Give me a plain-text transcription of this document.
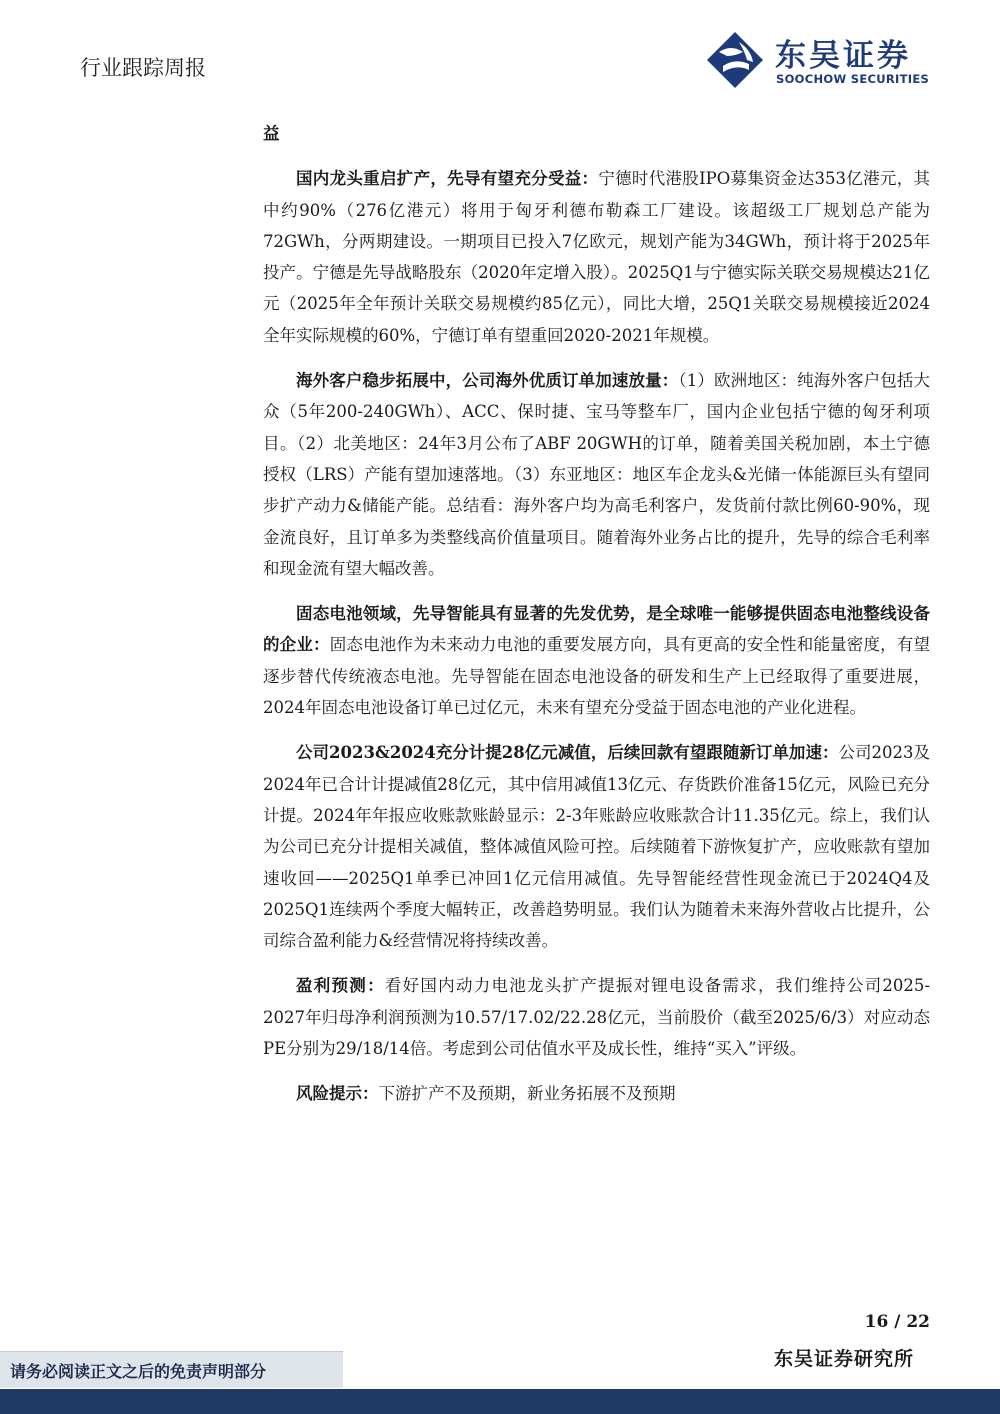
行业跟踪周报	东吴证券
SOOCHOW SECURITIES

益

国内龙头重启扩产，先导有望充分受益：宁德时代港股IPO募集资金达353亿港元，其中约90%（276亿港元）将用于匈牙利德布勒森工厂建设。该超级工厂规划总产能为72GWh，分两期建设。一期项目已投入7亿欧元，规划产能为34GWh，预计将于2025年投产。宁德是先导战略股东（2020年定增入股）。2025Q1与宁德实际关联交易规模达21亿元（2025年全年预计关联交易规模约85亿元），同比大增，25Q1关联交易规模接近2024全年实际规模的60%，宁德订单有望重回2020-2021年规模。

海外客户稳步拓展中，公司海外优质订单加速放量：（1）欧洲地区：纯海外客户包括大众（5年200-240GWh）、ACC、保时捷、宝马等整车厂，国内企业包括宁德的匈牙利项目。（2）北美地区：24年3月公布了ABF 20GWH的订单，随着美国关税加剧，本土宁德授权（LRS）产能有望加速落地。（3）东亚地区：地区车企龙头&光储一体能源巨头有望同步扩产动力&储能产能。总结看：海外客户均为高毛利客户，发货前付款比例60-90%，现金流良好，且订单多为类整线高价值量项目。随着海外业务占比的提升，先导的综合毛利率和现金流有望大幅改善。

固态电池领域，先导智能具有显著的先发优势，是全球唯一能够提供固态电池整线设备的企业：固态电池作为未来动力电池的重要发展方向，具有更高的安全性和能量密度，有望逐步替代传统液态电池。先导智能在固态电池设备的研发和生产上已经取得了重要进展，2024年固态电池设备订单已过亿元，未来有望充分受益于固态电池的产业化进程。

公司2023&2024充分计提28亿元减值，后续回款有望跟随新订单加速：公司2023及2024年已合计计提减值28亿元，其中信用减值13亿元、存货跌价准备15亿元，风险已充分计提。2024年年报应收账款账龄显示：2-3年账龄应收账款合计11.35亿元。综上，我们认为公司已充分计提相关减值，整体减值风险可控。后续随着下游恢复扩产，应收账款有望加速收回——2025Q1单季已冲回1亿元信用减值。先导智能经营性现金流已于2024Q4及2025Q1连续两个季度大幅转正，改善趋势明显。我们认为随着未来海外营收占比提升，公司综合盈利能力&经营情况将持续改善。

盈利预测：看好国内动力电池龙头扩产提振对锂电设备需求，我们维持公司2025-2027年归母净利润预测为10.57/17.02/22.28亿元，当前股价（截至2025/6/3）对应动态PE分别为29/18/14倍。考虑到公司估值水平及成长性，维持“买入”评级。

风险提示：下游扩产不及预期，新业务拓展不及预期

16 / 22
东吴证券研究所
请务必阅读正文之后的免责声明部分
